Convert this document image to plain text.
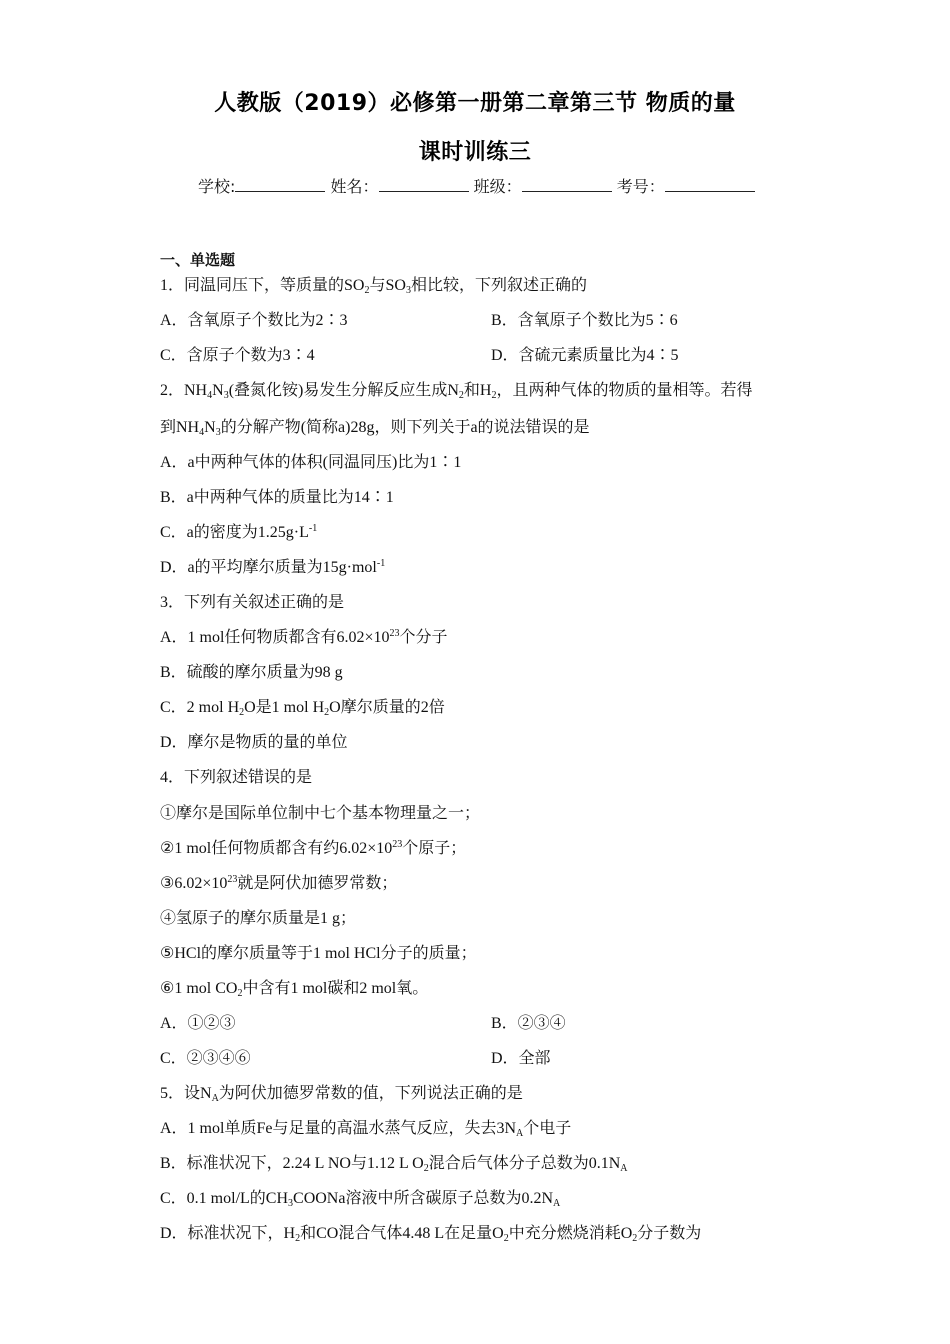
人教版（2019）必修第一册第二章第三节 物质的量
课时训练三
学校:	姓名：	班级：	考号：
一、单选题
1．同温同压下，等质量的$SO_2$与$SO_3$相比较，下列叙述正确的
A．含氧原子个数比为2∶3	B．含氧原子个数比为5∶6
C．含原子个数为3∶4	D．含硫元素质量比为4∶5
2．$NH_4N_3$(叠氮化铵)易发生分解反应生成$N_2$和$H_2$，且两种气体的物质的量相等。若得
到$NH_4N_3$的分解产物(简称a)28g，则下列关于a的说法错误的是
A．a中两种气体的体积(同温同压)比为1∶1
B．a中两种气体的质量比为14∶1
C．a的密度为$1.25g\cdot L^{-1}$
D．a的平均摩尔质量为15g·mol$^{-1}$
3．下列有关叙述正确的是
A．1 mol任何物质都含有$6.02\times 10^{23}$个分子
B．硫酸的摩尔质量为98 g
C．2 mol $H_2O$是1 mol $H_2O$摩尔质量的2倍
D．摩尔是物质的量的单位
4．下列叙述错误的是
①摩尔是国际单位制中七个基本物理量之一；
②1 mol任何物质都含有约$6.02\times 10^{23}$个原子；
$③6.02\times 10^{23}$就是阿伏加德罗常数；
④氢原子的摩尔质量是1 g；
⑤HCl的摩尔质量等于1 mol HCl分子的质量；
⑥1 mol $CO_2$中含有1 mol碳和2 mol氧。
A．①②③	B．②③④
C．②③④⑥	D．全部
5．设$N_A$为阿伏加德罗常数的值，下列说法正确的是
A．1 mol单质Fe与足量的高温水蒸气反应，失去$3N_A$个电子
B．标准状况下，2.24 L NO与1.12 L $O_2$混合后气体分子总数为$0.1N_A$
C．0.1 mol/L的$CH_3COONa$溶液中所含碳原子总数为$0.2N_A$
D．标准状况下，$H_2$和CO混合气体4.48 L在足量$O_2$中充分燃烧消耗$O_2$分子数为
